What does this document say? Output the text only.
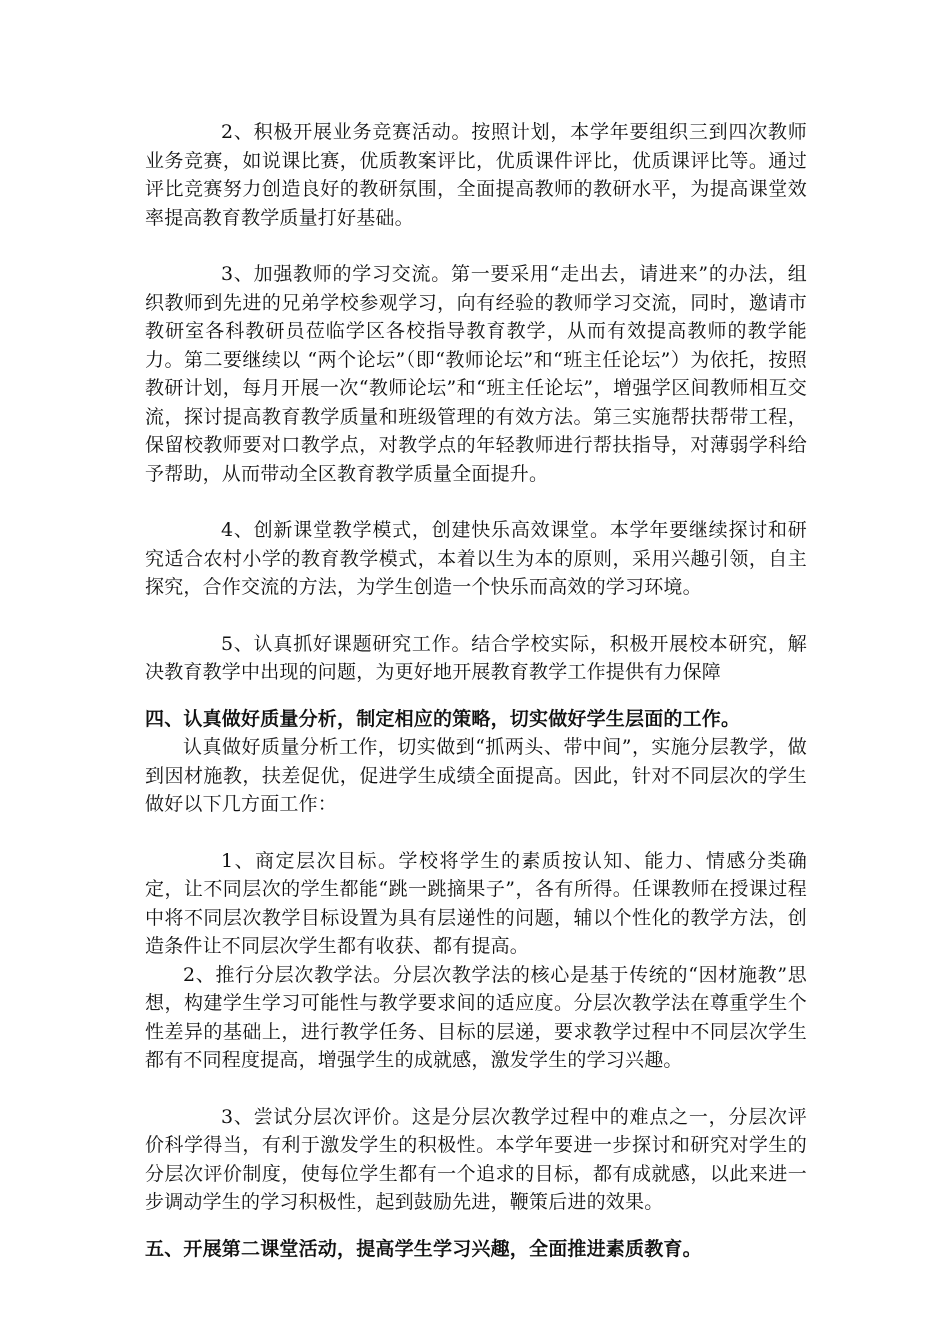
2、积极开展业务竞赛活动。按照计划，本学年要组织三到四次教师业务竞赛，如说课比赛，优质教案评比，优质课件评比，优质课评比等。通过评比竞赛努力创造良好的教研氛围，全面提高教师的教研水平，为提高课堂效率提高教育教学质量打好基础。

3、加强教师的学习交流。第一要采用“走出去，请进来”的办法，组织教师到先进的兄弟学校参观学习，向有经验的教师学习交流，同时，邀请市教研室各科教研员莅临学区各校指导教育教学，从而有效提高教师的教学能力。第二要继续以 “两个论坛”（即“教师论坛”和“班主任论坛”）为依托，按照教研计划，每月开展一次“教师论坛”和“班主任论坛”，增强学区间教师相互交流，探讨提高教育教学质量和班级管理的有效方法。第三实施帮扶帮带工程，保留校教师要对口教学点，对教学点的年轻教师进行帮扶指导，对薄弱学科给予帮助，从而带动全区教育教学质量全面提升。

4、创新课堂教学模式，创建快乐高效课堂。本学年要继续探讨和研究适合农村小学的教育教学模式，本着以生为本的原则，采用兴趣引领，自主探究，合作交流的方法，为学生创造一个快乐而高效的学习环境。

5、认真抓好课题研究工作。结合学校实际，积极开展校本研究，解决教育教学中出现的问题，为更好地开展教育教学工作提供有力保障

四、认真做好质量分析，制定相应的策略，切实做好学生层面的工作。

认真做好质量分析工作，切实做到“抓两头、带中间”，实施分层教学，做到因材施教，扶差促优，促进学生成绩全面提高。因此，针对不同层次的学生做好以下几方面工作：

1、商定层次目标。学校将学生的素质按认知、能力、情感分类确定，让不同层次的学生都能“跳一跳摘果子”，各有所得。任课教师在授课过程中将不同层次教学目标设置为具有层递性的问题，辅以个性化的教学方法，创造条件让不同层次学生都有收获、都有提高。

2、推行分层次教学法。分层次教学法的核心是基于传统的“因材施教”思想，构建学生学习可能性与教学要求间的适应度。分层次教学法在尊重学生个性差异的基础上，进行教学任务、目标的层递，要求教学过程中不同层次学生都有不同程度提高，增强学生的成就感，激发学生的学习兴趣。

3、尝试分层次评价。这是分层次教学过程中的难点之一，分层次评价科学得当，有利于激发学生的积极性。本学年要进一步探讨和研究对学生的分层次评价制度，使每位学生都有一个追求的目标，都有成就感，以此来进一步调动学生的学习积极性，起到鼓励先进，鞭策后进的效果。

五、开展第二课堂活动，提高学生学习兴趣，全面推进素质教育。
